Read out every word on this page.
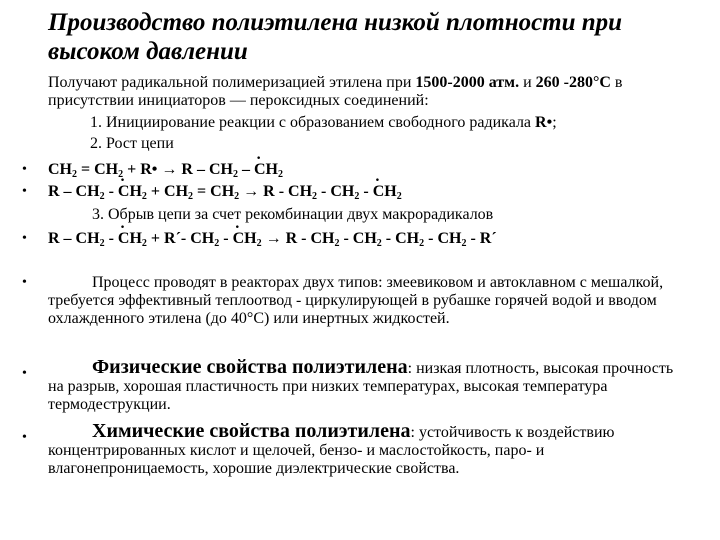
Производство полиэтилена низкой плотности при высоком давлении
Получают радикальной полимеризацией этилена при 1500-2000 атм. и 260 -280°С в присутствии инициаторов — пероксидных соединений:
1. Инициирование реакции с образованием свободного радикала R•;
2. Рост цепи
• $CH_2 = CH_2$ + R• → R – $CH_2$ – · $CH_2$
• R – $CH_2$ - · $CH_2 + CH_2 = CH_2 \to R - CH_2 - CH_2$ - · $CH_2$
3. Обрыв цепи за счет рекомбинации двух макрорадикалов
• R – $CH_2$ - · $CH_2$ + R´- $CH_2$ - · $CH_2 \to R - CH_2 - CH_2 - CH_2 - CH_2$ - R´
•	Процесс проводят в реакторах двух типов: змеевиковом и автоклавном с мешалкой, требуется эффективный теплоотвод - циркулирующей в рубашке горячей водой и вводом охлажденного этилена (до 40°С) или инертных жидкостей.
•	Физические свойства полиэтилена: низкая плотность, высокая прочность на разрыв, хорошая пластичность при низких температурах, высокая температура термодеструкции.
•	Химические свойства полиэтилена: устойчивость к воздействию концентрированных кислот и щелочей, бензо- и маслостойкость, паро- и влагонепроницаемость, хорошие диэлектрические свойства.
